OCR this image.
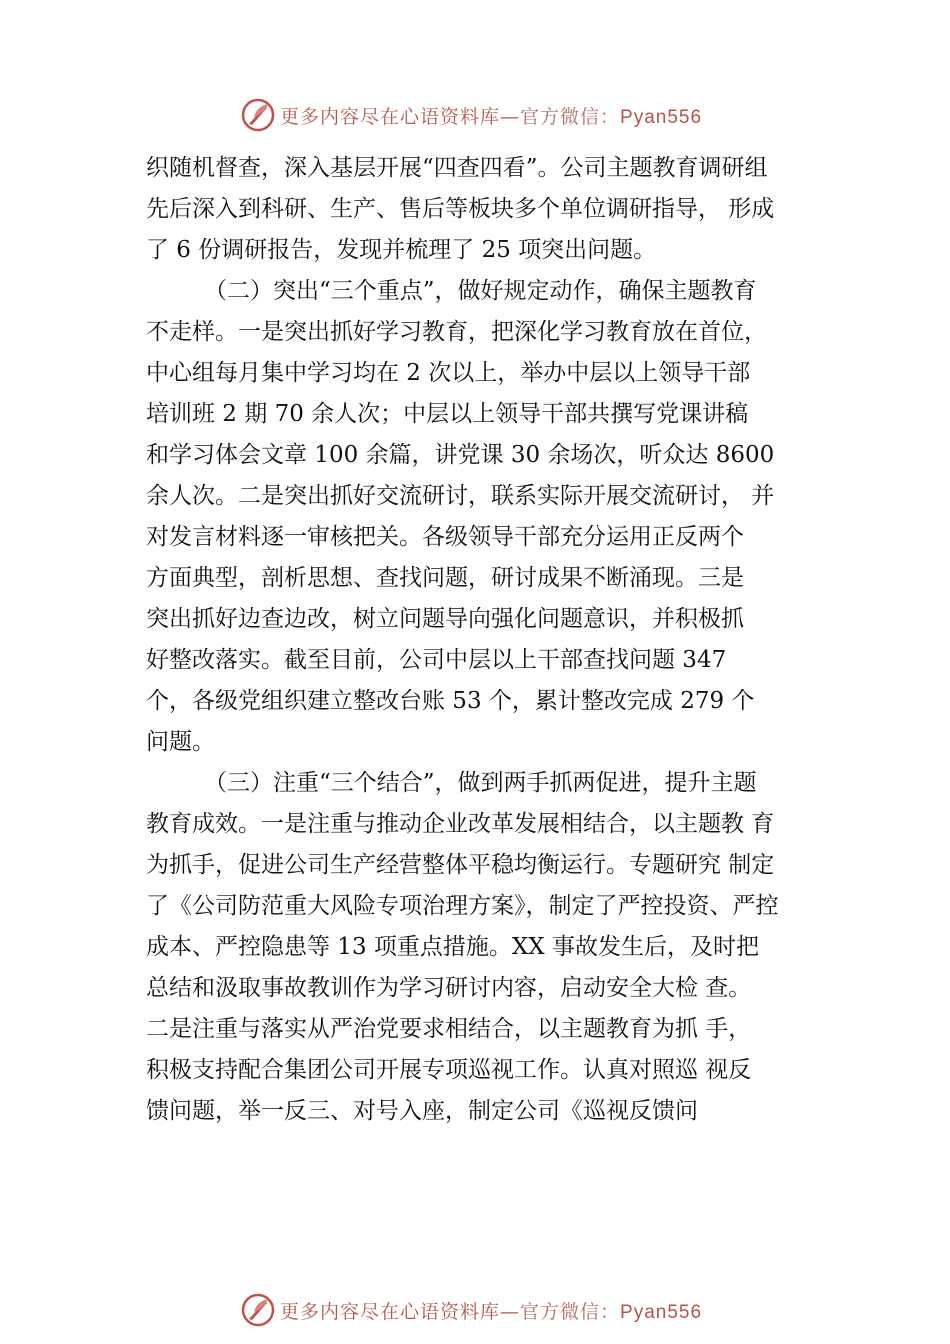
更多内容尽在心语资料库—官方微信：Pyan556
织随机督查，深入基层开展“四查四看”。公司主题教育调研组
先后深入到科研、生产、售后等板块多个单位调研指导， 形成
了 6 份调研报告，发现并梳理了 25 项突出问题。
（二）突出“三个重点”，做好规定动作，确保主题教育
不走样。一是突出抓好学习教育，把深化学习教育放在首位，
中心组每月集中学习均在 2 次以上，举办中层以上领导干部
培训班 2 期 70 余人次；中层以上领导干部共撰写党课讲稿
和学习体会文章 100 余篇，讲党课 30 余场次，听众达 8600
余人次。二是突出抓好交流研讨，联系实际开展交流研讨， 并
对发言材料逐一审核把关。各级领导干部充分运用正反两个
方面典型，剖析思想、查找问题，研讨成果不断涌现。三是
突出抓好边查边改，树立问题导向强化问题意识，并积极抓
好整改落实。截至目前，公司中层以上干部查找问题 347
个，各级党组织建立整改台账 53 个，累计整改完成 279 个
问题。
（三）注重“三个结合”，做到两手抓两促进，提升主题
教育成效。一是注重与推动企业改革发展相结合，以主题教 育
为抓手，促进公司生产经营整体平稳均衡运行。专题研究 制定
了《公司防范重大风险专项治理方案》，制定了严控投资、严控
成本、严控隐患等 13 项重点措施。XX 事故发生后，及时把
总结和汲取事故教训作为学习研讨内容，启动安全大检 查。
二是注重与落实从严治党要求相结合，以主题教育为抓 手，
积极支持配合集团公司开展专项巡视工作。认真对照巡 视反
馈问题，举一反三、对号入座，制定公司《巡视反馈问
更多内容尽在心语资料库—官方微信：Pyan556
